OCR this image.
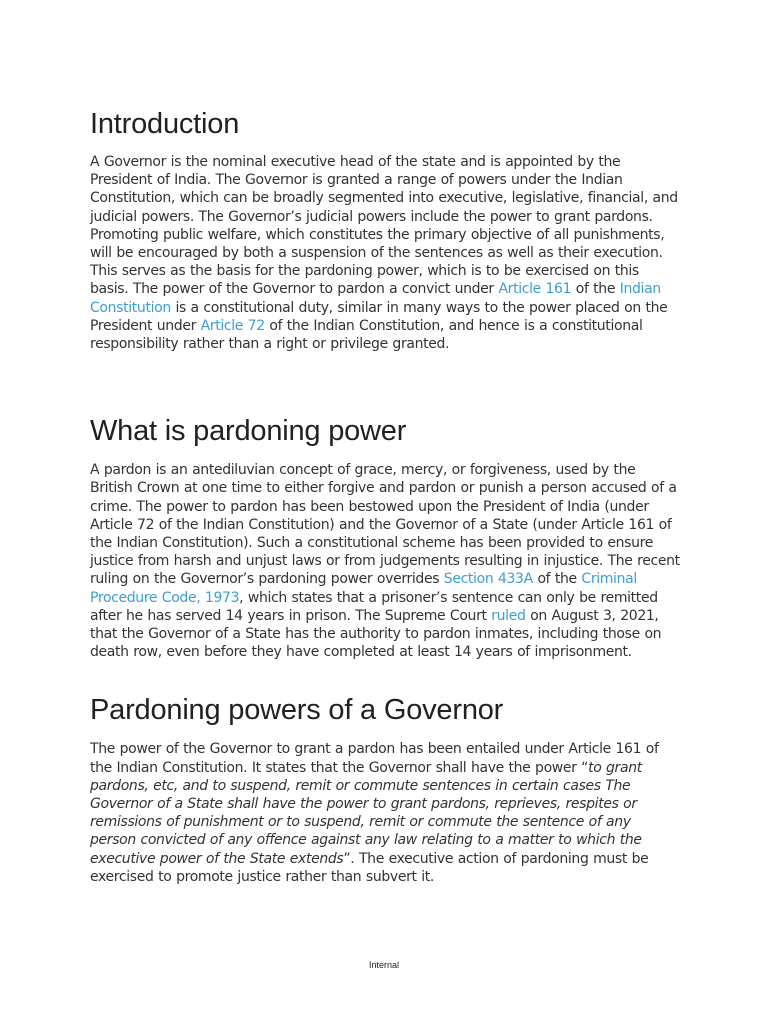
Introduction

A Governor is the nominal executive head of the state and is appointed by the President of India. The Governor is granted a range of powers under the Indian Constitution, which can be broadly segmented into executive, legislative, financial, and judicial powers. The Governor’s judicial powers include the power to grant pardons. Promoting public welfare, which constitutes the primary objective of all punishments, will be encouraged by both a suspension of the sentences as well as their execution. This serves as the basis for the pardoning power, which is to be exercised on this basis. The power of the Governor to pardon a convict under Article 161 of the Indian Constitution is a constitutional duty, similar in many ways to the power placed on the President under Article 72 of the Indian Constitution, and hence is a constitutional responsibility rather than a right or privilege granted.

What is pardoning power

A pardon is an antediluvian concept of grace, mercy, or forgiveness, used by the British Crown at one time to either forgive and pardon or punish a person accused of a crime. The power to pardon has been bestowed upon the President of India (under Article 72 of the Indian Constitution) and the Governor of a State (under Article 161 of the Indian Constitution). Such a constitutional scheme has been provided to ensure justice from harsh and unjust laws or from judgements resulting in injustice. The recent ruling on the Governor’s pardoning power overrides Section 433A of the Criminal Procedure Code, 1973, which states that a prisoner’s sentence can only be remitted after he has served 14 years in prison. The Supreme Court ruled on August 3, 2021, that the Governor of a State has the authority to pardon inmates, including those on death row, even before they have completed at least 14 years of imprisonment.

Pardoning powers of a Governor

The power of the Governor to grant a pardon has been entailed under Article 161 of the Indian Constitution. It states that the Governor shall have the power “to grant pardons, etc, and to suspend, remit or commute sentences in certain cases The Governor of a State shall have the power to grant pardons, reprieves, respites or remissions of punishment or to suspend, remit or commute the sentence of any person convicted of any offence against any law relating to a matter to which the executive power of the State extends”. The executive action of pardoning must be exercised to promote justice rather than subvert it.

Internal
